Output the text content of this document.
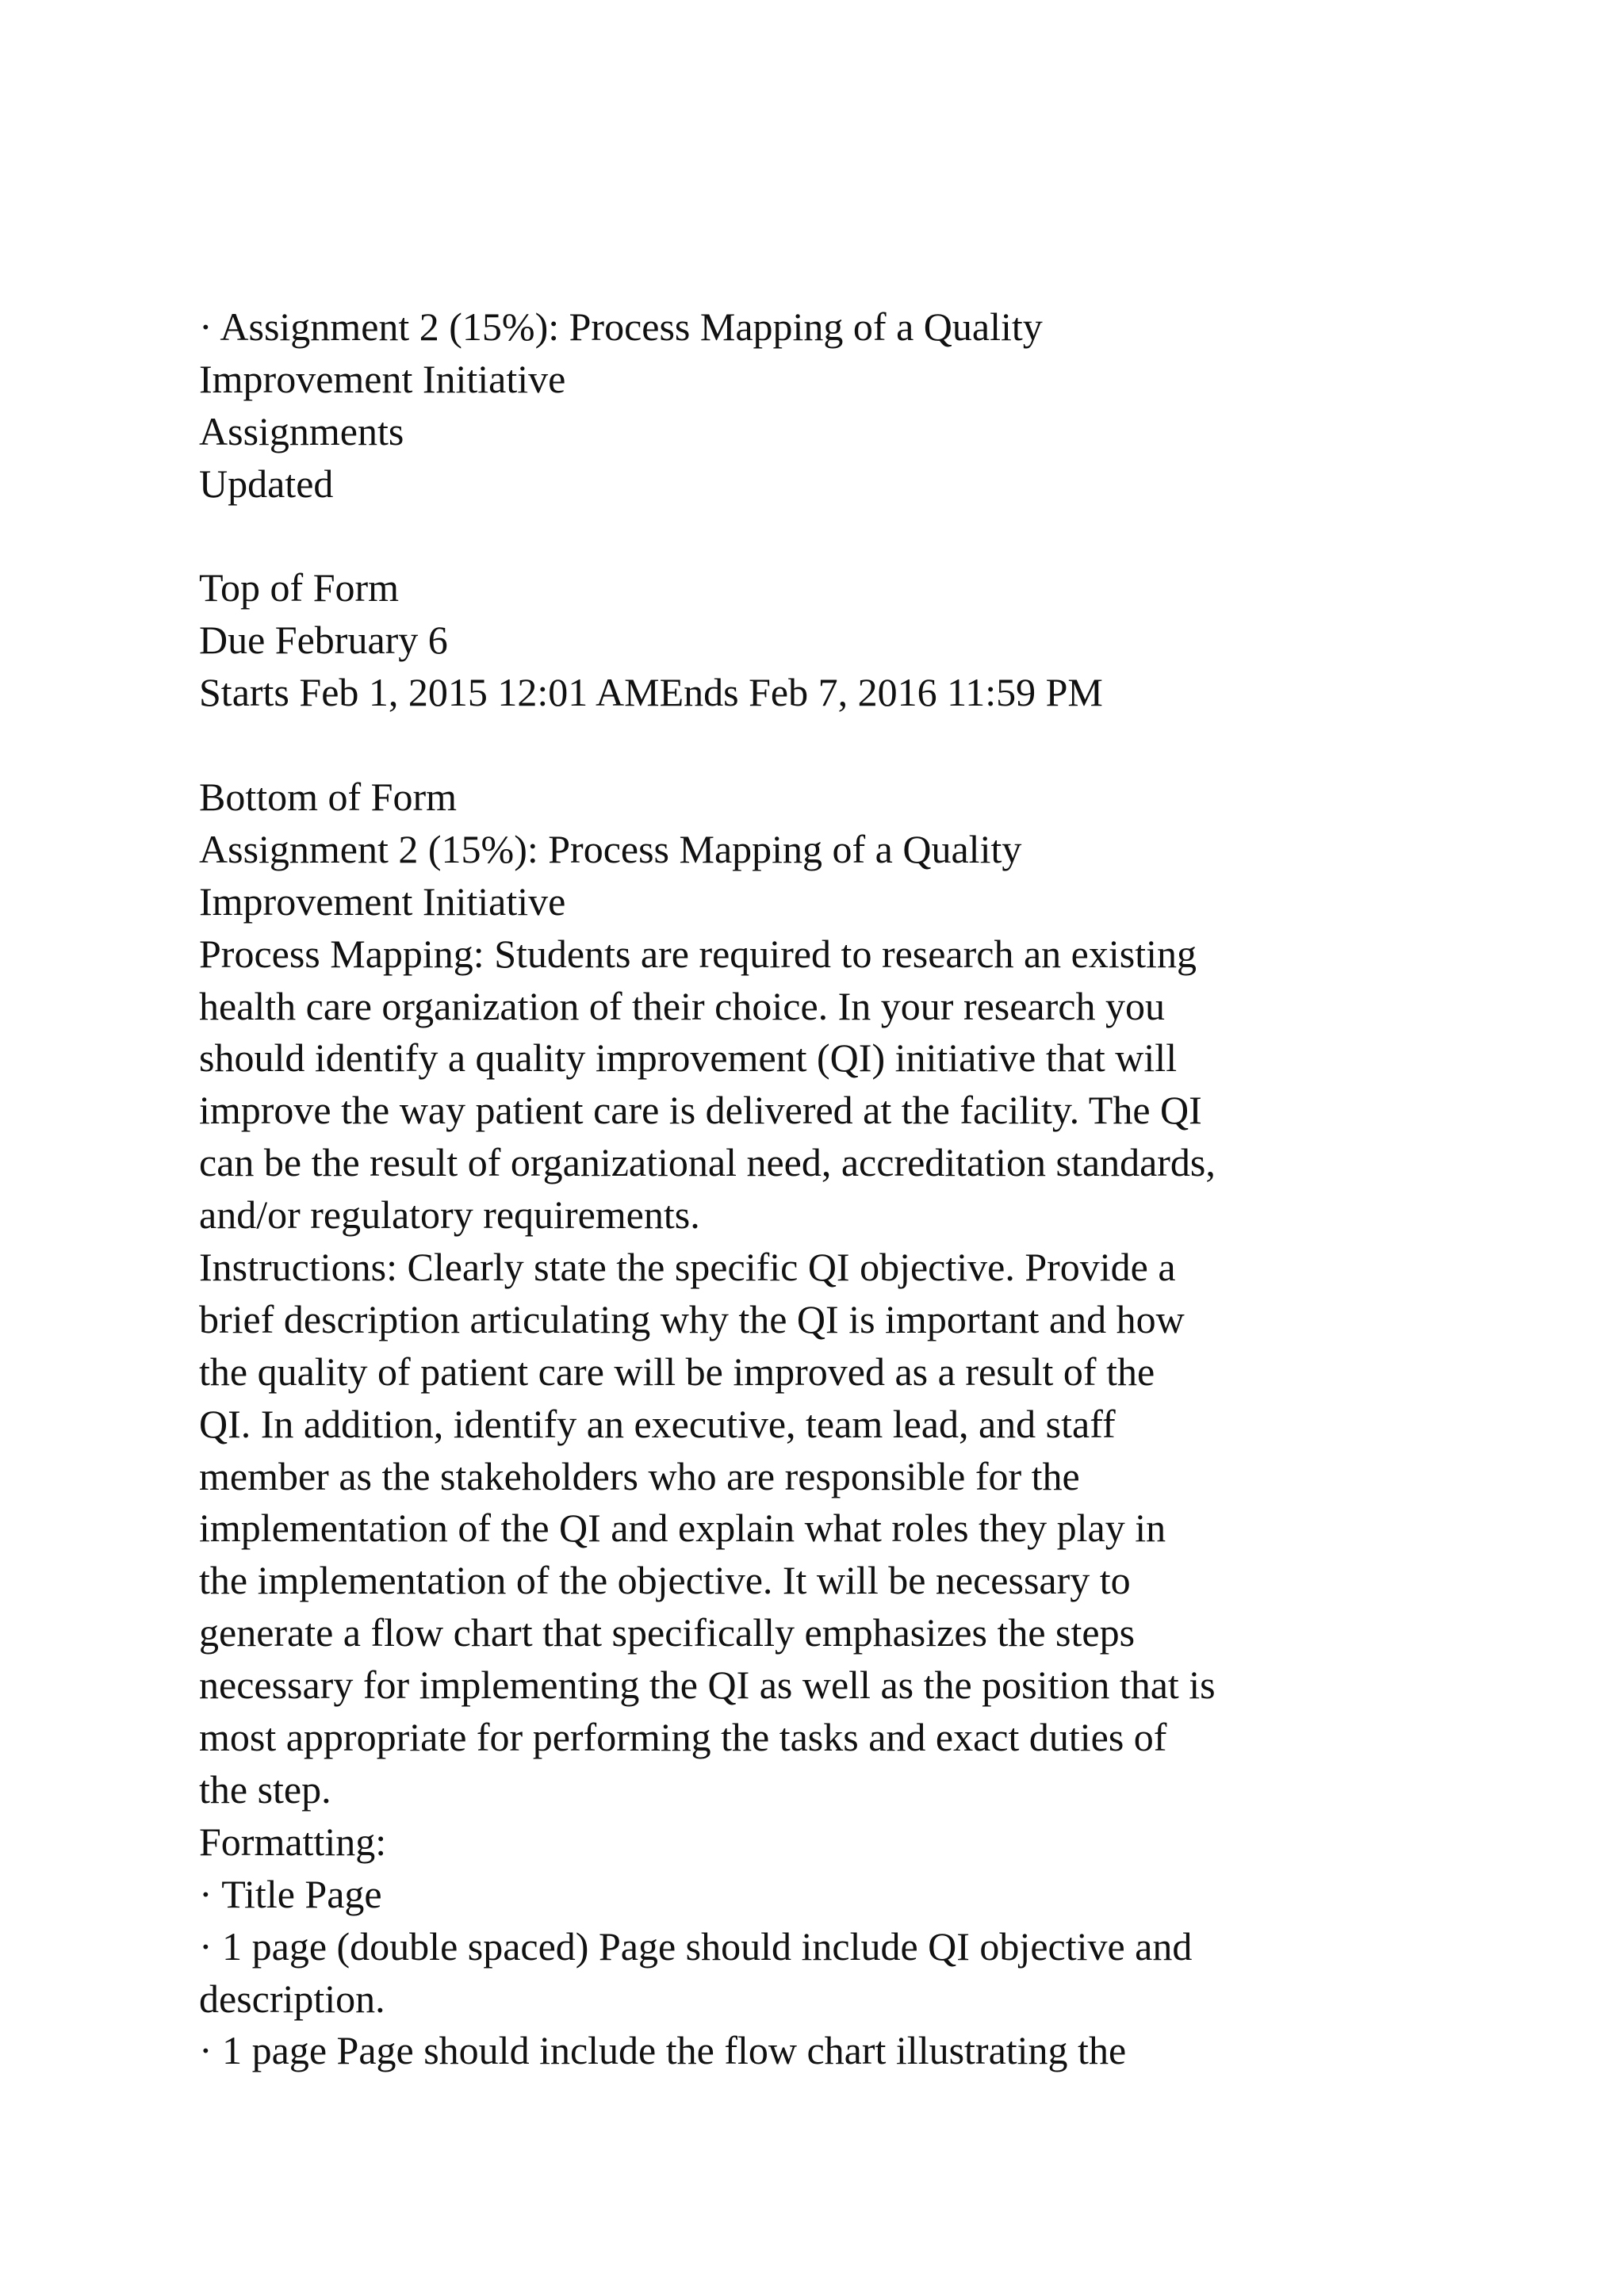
· Assignment 2 (15%): Process Mapping of a Quality
Improvement Initiative
Assignments
Updated
Top of Form
Due February 6
Starts Feb 1, 2015 12:01 AMEnds Feb 7, 2016 11:59 PM
Bottom of Form
Assignment 2 (15%): Process Mapping of a Quality
Improvement Initiative
Process Mapping: Students are required to research an existing
health care organization of their choice. In your research you
should identify a quality improvement (QI) initiative that will
improve the way patient care is delivered at the facility. The QI
can be the result of organizational need, accreditation standards,
and/or regulatory requirements.
Instructions: Clearly state the specific QI objective. Provide a
brief description articulating why the QI is important and how
the quality of patient care will be improved as a result of the
QI. In addition, identify an executive, team lead, and staff
member as the stakeholders who are responsible for the
implementation of the QI and explain what roles they play in
the implementation of the objective. It will be necessary to
generate a flow chart that specifically emphasizes the steps
necessary for implementing the QI as well as the position that is
most appropriate for performing the tasks and exact duties of
the step.
Formatting:
· Title Page
· 1 page (double spaced) Page should include QI objective and
description.
· 1 page Page should include the flow chart illustrating the
